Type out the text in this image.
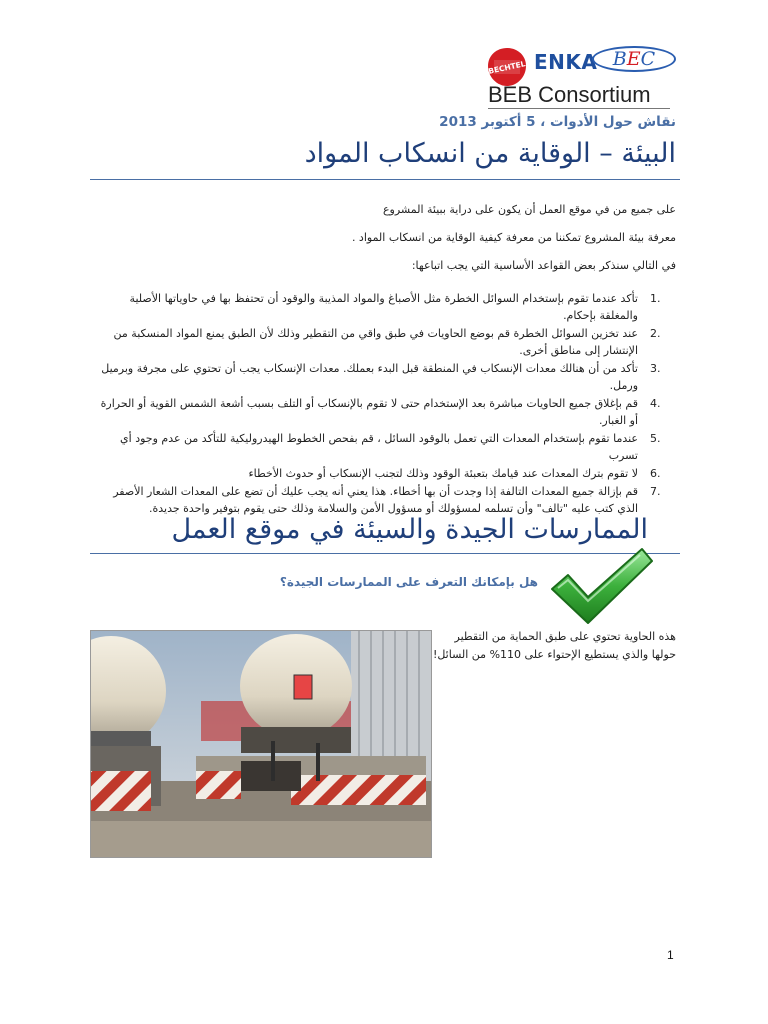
BECHTEL ENKA BEC
BEB Consortium
نقاش حول الأدوات ، 5 أكتوبر 2013
البيئة – الوقاية من انسكاب المواد
على جميع من في موقع العمل أن يكون على دراية ببيئة المشروع
معرفة بيئة المشروع تمكننا من معرفة كيفية الوقاية من انسكاب المواد .
في التالي سنذكر بعض القواعد الأساسية التي يجب اتباعها:
1.
تأكد عندما تقوم بإستخدام السوائل الخطرة مثل الأصباغ والمواد المذيبة والوقود أن تحتفظ بها في حاوياتها الأصلية والمغلقة بإحكام.
2.
عند تخزين السوائل الخطرة قم بوضع الحاويات في طبق واقي من التقطير وذلك لأن الطبق يمنع المواد المنسكبة من الإنتشار إلى مناطق أخرى.
3.
تأكد من أن هنالك معدات الإنسكاب في المنطقة قبل البدء بعملك. معدات الإنسكاب يجب أن تحتوي على مجرفة وبرميل ورمل.
4.
قم بإغلاق جميع الحاويات مباشرة بعد الإستخدام حتى لا تقوم بالإنسكاب أو التلف بسبب أشعة الشمس القوية أو الحرارة أو الغبار.
5.
عندما تقوم بإستخدام المعدات التي تعمل بالوقود السائل ، قم بفحص الخطوط الهيدروليكية للتأكد من عدم وجود أي تسرب
6.
لا تقوم بترك المعدات عند قيامك بتعبئة الوقود وذلك لتجنب الإنسكاب أو حدوث الأخطاء
7.
قم بإزالة جميع المعدات التالفة إذا وجدت أن بها أخطاء. هذا يعني أنه يجب عليك أن تضع على المعدات الشعار الأصفر الذي كتب عليه "تالف" وأن تسلمه لمسؤولك أو مسؤول الأمن والسلامة وذلك حتى يقوم بتوفير واحدة جديدة.
الممارسات الجيدة والسيئة في موقع العمل
هل بإمكانك التعرف على الممارسات الجيدة؟
هذه الحاوية تحتوي على طبق الحماية من التقطير حولها والذي يستطيع الإحتواء على 110% من السائل!
1
